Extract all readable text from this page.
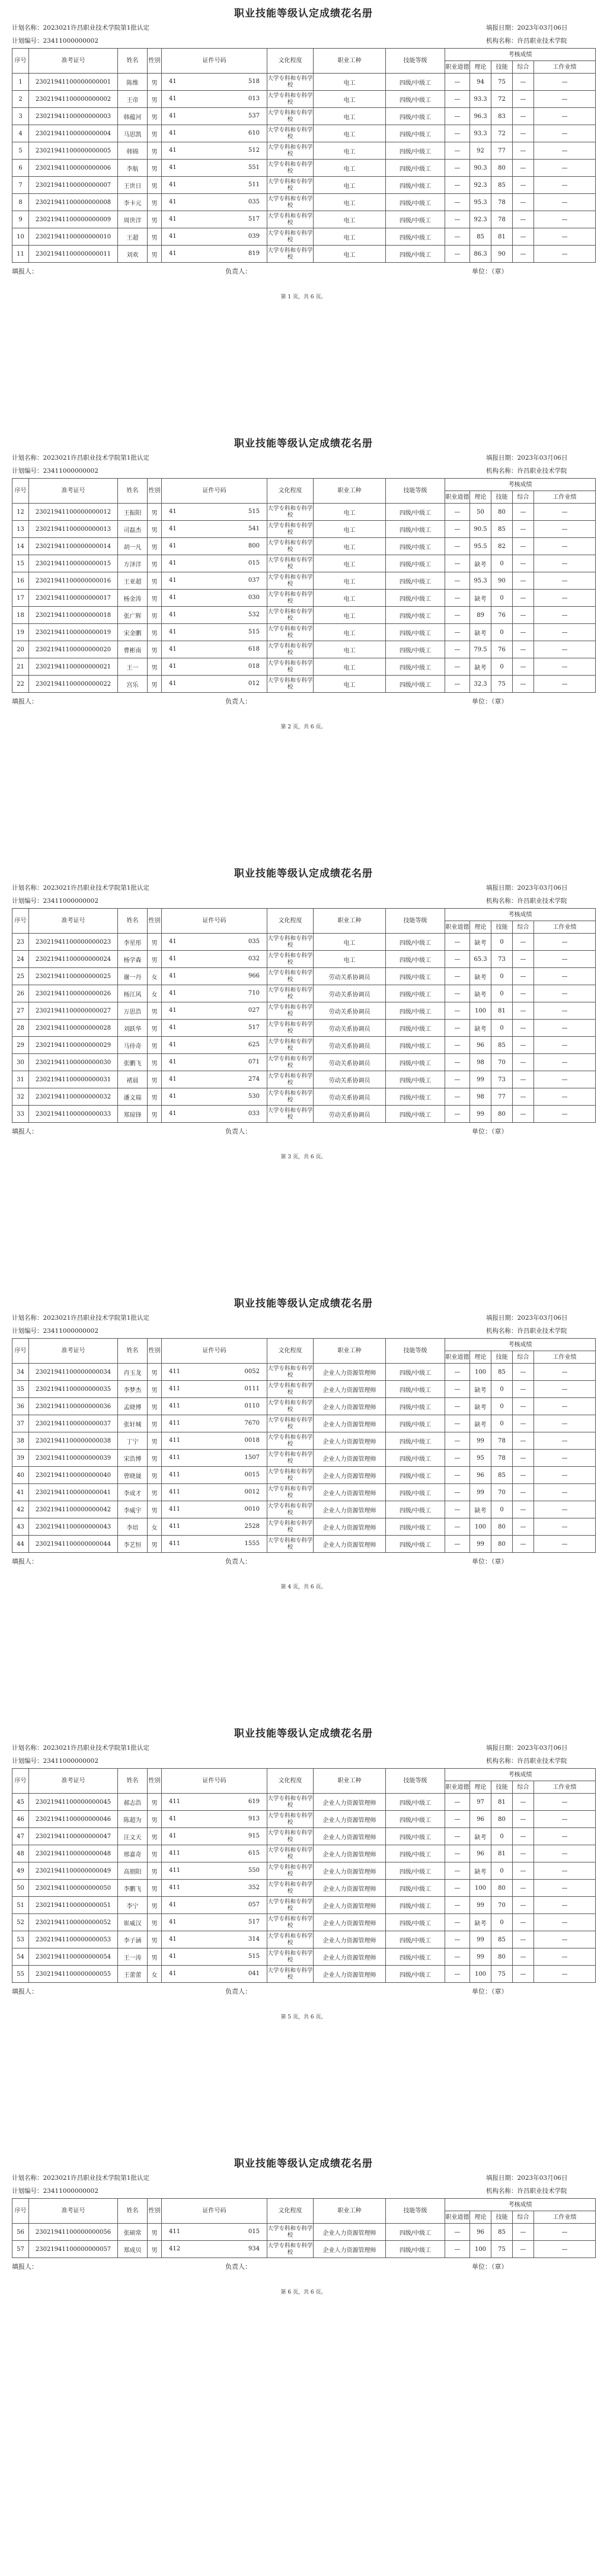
职业技能等级认定成绩花名册
计划名称：2023021许昌职业技术学院第1批认定	填报日期：2023年03月06日
计划编号：23411000000002	机构名称：许昌职业技术学院
序号	准考证号	姓名	性别	证件号码	文化程度	职业工种	技能等级	考核成绩				
								职业道德	理论	技能	综合	工作业绩
1	23021941100000000001	陈维	男	41 518	大学专科和专科学校	电工	四级/中级工	—	94	75	—	—
2	23021941100000000002	王帝	男	41 013	大学专科和专科学校	电工	四级/中级工	—	93.3	72	—	—
3	23021941100000000003	韩蕴河	男	41 537	大学专科和专科学校	电工	四级/中级工	—	96.3	83	—	—
4	23021941100000000004	马思凯	男	41 610	大学专科和专科学校	电工	四级/中级工	—	93.3	72	—	—
5	23021941100000000005	韩锦	男	41 512	大学专科和专科学校	电工	四级/中级工	—	92	77	—	—
6	23021941100000000006	李航	男	41 551	大学专科和专科学校	电工	四级/中级工	—	90.3	80	—	—
7	23021941100000000007	王世日	男	41 511	大学专科和专科学校	电工	四级/中级工	—	92.3	85	—	—
8	23021941100000000008	李卡元	男	41 035	大学专科和专科学校	电工	四级/中级工	—	95.3	78	—	—
9	23021941100000000009	周世洋	男	41 517	大学专科和专科学校	电工	四级/中级工	—	92.3	78	—	—
10	23021941100000000010	王超	男	41 039	大学专科和专科学校	电工	四级/中级工	—	85	81	—	—
11	23021941100000000011	刘欢	男	41 819	大学专科和专科学校	电工	四级/中级工	—	86.3	90	—	—
填报人：	负责人：	单位：（章）
第 1 页，共 6 页。
职业技能等级认定成绩花名册
计划名称：2023021许昌职业技术学院第1批认定	填报日期：2023年03月06日
计划编号：23411000000002	机构名称：许昌职业技术学院
序号	准考证号	姓名	性别	证件号码	文化程度	职业工种	技能等级	考核成绩				
								职业道德	理论	技能	综合	工作业绩
12	23021941100000000012	王振阳	男	41 515	大学专科和专科学校	电工	四级/中级工	—	50	80	—	—
13	23021941100000000013	司磊杰	男	41 541	大学专科和专科学校	电工	四级/中级工	—	90.5	85	—	—
14	23021941100000000014	胡一凡	男	41 800	大学专科和专科学校	电工	四级/中级工	—	95.5	82	—	—
15	23021941100000000015	方泽洋	男	41 015	大学专科和专科学校	电工	四级/中级工	—	缺考	0	—	—
16	23021941100000000016	王亚超	男	41 037	大学专科和专科学校	电工	四级/中级工	—	95.3	90	—	—
17	23021941100000000017	杨金涛	男	41 030	大学专科和专科学校	电工	四级/中级工	—	缺考	0	—	—
18	23021941100000000018	张广辉	男	41 532	大学专科和专科学校	电工	四级/中级工	—	89	76	—	—
19	23021941100000000019	宋金鹏	男	41 515	大学专科和专科学校	电工	四级/中级工	—	缺考	0	—	—
20	23021941100000000020	曹彬南	男	41 618	大学专科和专科学校	电工	四级/中级工	—	79.5	76	—	—
21	23021941100000000021	王一	男	41 018	大学专科和专科学校	电工	四级/中级工	—	缺考	0	—	—
22	23021941100000000022	宫乐	男	41 012	大学专科和专科学校	电工	四级/中级工	—	32.3	75	—	—
填报人：	负责人：	单位：（章）
第 2 页，共 6 页。
职业技能等级认定成绩花名册
计划名称：2023021许昌职业技术学院第1批认定	填报日期：2023年03月06日
计划编号：23411000000002	机构名称：许昌职业技术学院
序号	准考证号	姓名	性别	证件号码	文化程度	职业工种	技能等级	考核成绩				
								职业道德	理论	技能	综合	工作业绩
23	23021941100000000023	李星彤	男	41 035	大学专科和专科学校	电工	四级/中级工	—	缺考	0	—	—
24	23021941100000000024	杨学森	男	41 032	大学专科和专科学校	电工	四级/中级工	—	65.3	73	—	—
25	23021941100000000025	谢一丹	女	41 966	大学专科和专科学校	劳动关系协调员	四级/中级工	—	缺考	0	—	—
26	23021941100000000026	杨江风	女	41 710	大学专科和专科学校	劳动关系协调员	四级/中级工	—	缺考	0	—	—
27	23021941100000000027	万思浩	男	41 027	大学专科和专科学校	劳动关系协调员	四级/中级工	—	100	81	—	—
28	23021941100000000028	刘跃华	男	41 517	大学专科和专科学校	劳动关系协调员	四级/中级工	—	缺考	0	—	—
29	23021941100000000029	马侍奇	男	41 625	大学专科和专科学校	劳动关系协调员	四级/中级工	—	96	85	—	—
30	23021941100000000030	张鹏飞	男	41 071	大学专科和专科学校	劳动关系协调员	四级/中级工	—	98	70	—	—
31	23021941100000000031	褚晨	男	41 274	大学专科和专科学校	劳动关系协调员	四级/中级工	—	99	73	—	—
32	23021941100000000032	潘文瑞	男	41 530	大学专科和专科学校	劳动关系协调员	四级/中级工	—	98	77	—	—
33	23021941100000000033	郑琼锋	男	41 033	大学专科和专科学校	劳动关系协调员	四级/中级工	—	99	80	—	—
填报人：	负责人：	单位：（章）
第 3 页，共 6 页。
职业技能等级认定成绩花名册
计划名称：2023021许昌职业技术学院第1批认定	填报日期：2023年03月06日
计划编号：23411000000002	机构名称：许昌职业技术学院
序号	准考证号	姓名	性别	证件号码	文化程度	职业工种	技能等级	考核成绩				
								职业道德	理论	技能	综合	工作业绩
34	23021941100000000034	肖玉龙	男	411 0052	大学专科和专科学校	企业人力资源管理师	四级/中级工	—	100	85	—	—
35	23021941100000000035	李梦杰	男	411 0111	大学专科和专科学校	企业人力资源管理师	四级/中级工	—	缺考	0	—	—
36	23021941100000000036	孟晓博	男	411 0110	大学专科和专科学校	企业人力资源管理师	四级/中级工	—	缺考	0	—	—
37	23021941100000000037	张轩城	男	411 7670	大学专科和专科学校	企业人力资源管理师	四级/中级工	—	缺考	0	—	—
38	23021941100000000038	丁宁	男	411 0018	大学专科和专科学校	企业人力资源管理师	四级/中级工	—	99	78	—	—
39	23021941100000000039	宋浩博	男	411 1507	大学专科和专科学校	企业人力资源管理师	四级/中级工	—	95	78	—	—
40	23021941100000000040	曾晓晟	男	411 0015	大学专科和专科学校	企业人力资源管理师	四级/中级工	—	96	85	—	—
41	23021941100000000041	李成才	男	411 0012	大学专科和专科学校	企业人力资源管理师	四级/中级工	—	99	70	—	—
42	23021941100000000042	李威宇	男	411 0010	大学专科和专科学校	企业人力资源管理师	四级/中级工	—	缺考	0	—	—
43	23021941100000000043	李培	女	411 2528	大学专科和专科学校	企业人力资源管理师	四级/中级工	—	100	80	—	—
44	23021941100000000044	李艺恒	男	411 1555	大学专科和专科学校	企业人力资源管理师	四级/中级工	—	99	80	—	—
填报人：	负责人：	单位：（章）
第 4 页，共 6 页。
职业技能等级认定成绩花名册
计划名称：2023021许昌职业技术学院第1批认定	填报日期：2023年03月06日
计划编号：23411000000002	机构名称：许昌职业技术学院
序号	准考证号	姓名	性别	证件号码	文化程度	职业工种	技能等级	考核成绩				
								职业道德	理论	技能	综合	工作业绩
45	23021941100000000045	郝志浩	男	411 619	大学专科和专科学校	企业人力资源管理师	四级/中级工	—	97	81	—	—
46	23021941100000000046	陈超为	男	41 913	大学专科和专科学校	企业人力资源管理师	四级/中级工	—	96	80	—	—
47	23021941100000000047	汪文天	男	41 915	大学专科和专科学校	企业人力资源管理师	四级/中级工	—	缺考	0	—	—
48	23021941100000000048	邢嘉奇	男	411 615	大学专科和专科学校	企业人力资源管理师	四级/中级工	—	96	81	—	—
49	23021941100000000049	高朋阳	男	411 550	大学专科和专科学校	企业人力资源管理师	四级/中级工	—	缺考	0	—	—
50	23021941100000000050	李鹏飞	男	411 352	大学专科和专科学校	企业人力资源管理师	四级/中级工	—	100	80	—	—
51	23021941100000000051	李宁	男	41 057	大学专科和专科学校	企业人力资源管理师	四级/中级工	—	99	70	—	—
52	23021941100000000052	崔威汉	男	41 517	大学专科和专科学校	企业人力资源管理师	四级/中级工	—	缺考	0	—	—
53	23021941100000000053	李子涵	男	41 314	大学专科和专科学校	企业人力资源管理师	四级/中级工	—	99	85	—	—
54	23021941100000000054	王一涛	男	41 515	大学专科和专科学校	企业人力资源管理师	四级/中级工	—	99	80	—	—
55	23021941100000000055	王蕾蕾	女	41 041	大学专科和专科学校	企业人力资源管理师	四级/中级工	—	100	75	—	—
填报人：	负责人：	单位：（章）
第 5 页，共 6 页。
职业技能等级认定成绩花名册
计划名称：2023021许昌职业技术学院第1批认定	填报日期：2023年03月06日
计划编号：23411000000002	机构名称：许昌职业技术学院
序号	准考证号	姓名	性别	证件号码	文化程度	职业工种	技能等级	考核成绩				
								职业道德	理论	技能	综合	工作业绩
56	23021941100000000056	张硕常	男	411 015	大学专科和专科学校	企业人力资源管理师	四级/中级工	—	96	85	—	—
57	23021941100000000057	郑成贝	男	412 934	大学专科和专科学校	企业人力资源管理师	四级/中级工	—	100	75	—	—
填报人：	负责人：	单位：（章）
第 6 页，共 6 页。
